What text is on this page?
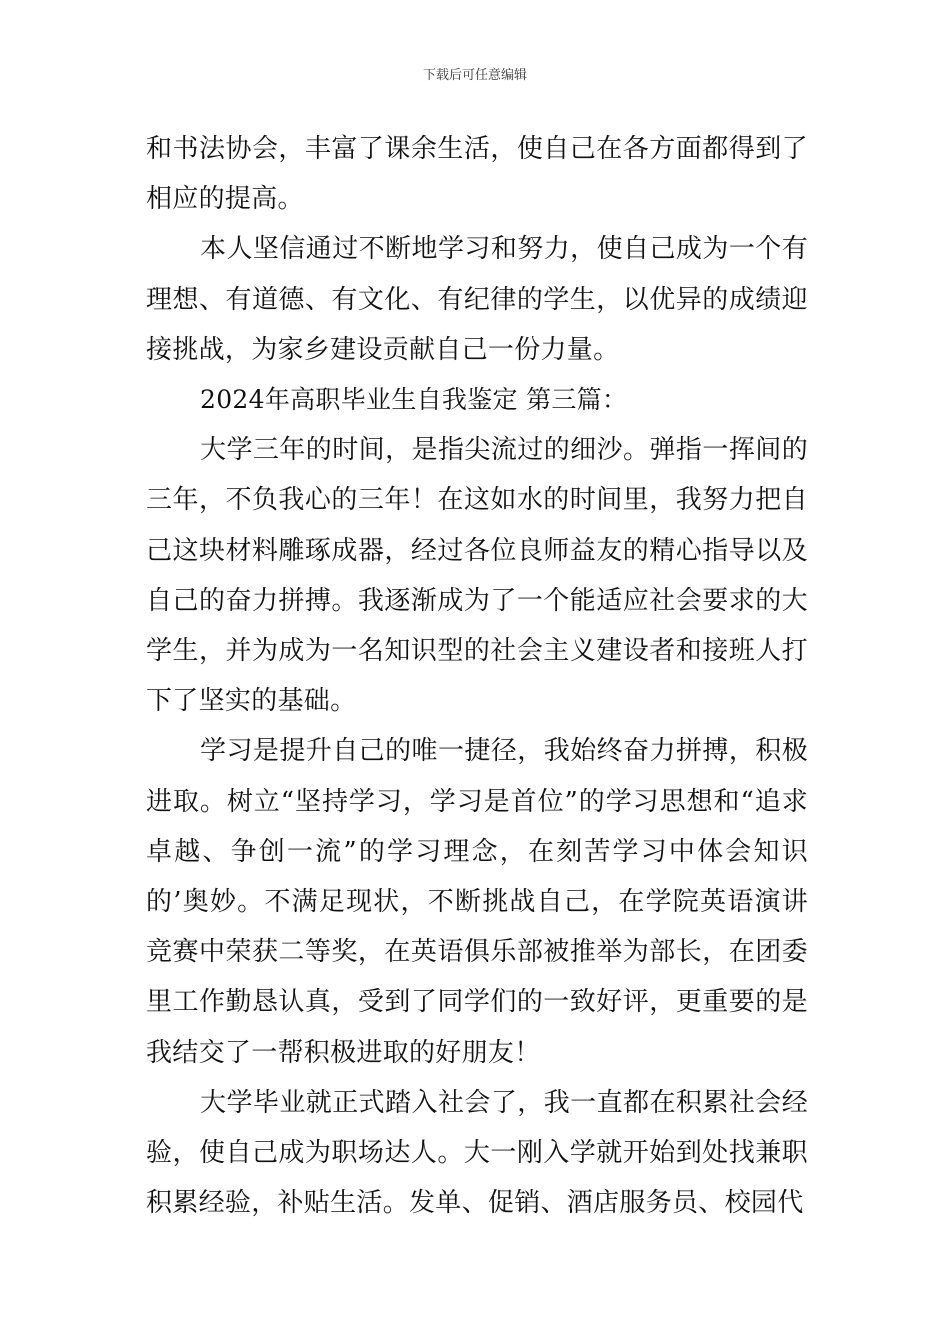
下载后可任意编辑

和书法协会，丰富了课余生活，使自己在各方面都得到了相应的提高。

本人坚信通过不断地学习和努力，使自己成为一个有理想、有道德、有文化、有纪律的学生，以优异的成绩迎接挑战，为家乡建设贡献自己一份力量。

2024年高职毕业生自我鉴定 第三篇：

大学三年的时间，是指尖流过的细沙。弹指一挥间的三年，不负我心的三年！在这如水的时间里，我努力把自己这块材料雕琢成器，经过各位良师益友的精心指导以及自己的奋力拼搏。我逐渐成为了一个能适应社会要求的大学生，并为成为一名知识型的社会主义建设者和接班人打下了坚实的基础。

学习是提升自己的唯一捷径，我始终奋力拼搏，积极进取。树立“坚持学习，学习是首位”的学习思想和“追求卓越、争创一流”的学习理念，在刻苦学习中体会知识的’奥妙。不满足现状，不断挑战自己，在学院英语演讲竞赛中荣获二等奖，在英语俱乐部被推举为部长，在团委里工作勤恳认真，受到了同学们的一致好评，更重要的是我结交了一帮积极进取的好朋友！

大学毕业就正式踏入社会了，我一直都在积累社会经验，使自己成为职场达人。大一刚入学就开始到处找兼职积累经验，补贴生活。发单、促销、酒店服务员、校园代
